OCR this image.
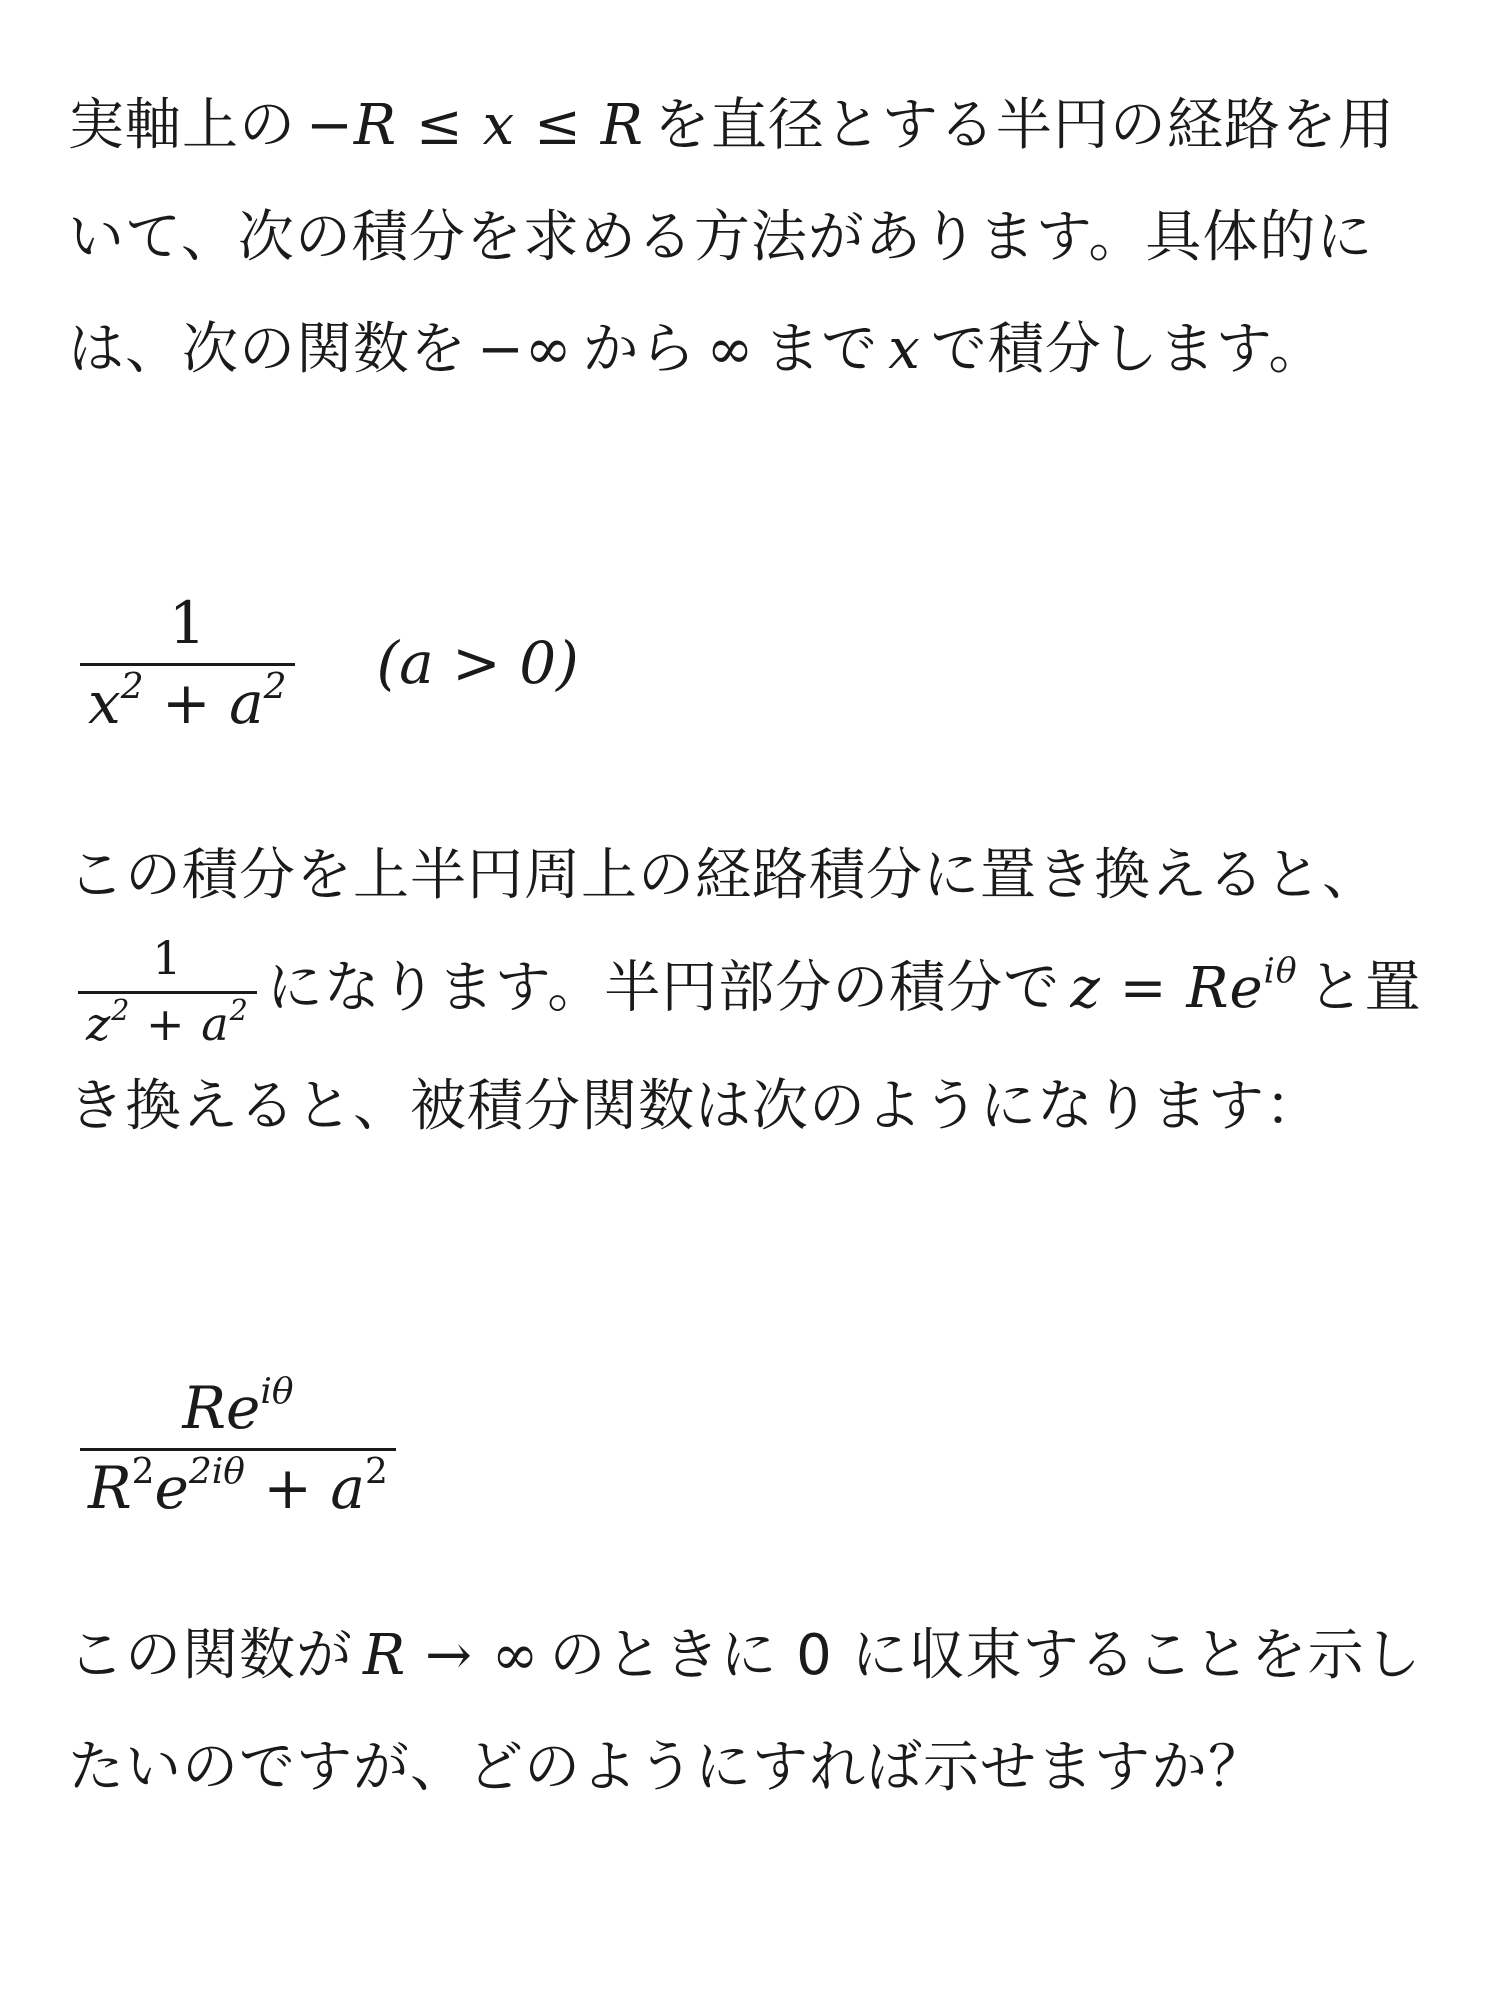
実軸上の −R ≤ x ≤ R を直径とする半円の経路を用いて、次の積分を求める方法があります。具体的には、次の関数を −∞ から ∞ まで x で積分します。

$\frac{1}{x^2 + a^2} (a > 0)$

この積分を上半円周上の経路積分に置き換えると、
$\frac{1}{z^2 + a^2}$ になります。半円部分の積分で $z = Re^{i\theta}$ と置き換えると、被積分関数は次のようになります：

$\frac{Re^{i\theta}}{R^2e^{2i\theta} + a^2}$

この関数が R → ∞ のときに 0 に収束することを示したいのですが、どのようにすれば示せますか？
